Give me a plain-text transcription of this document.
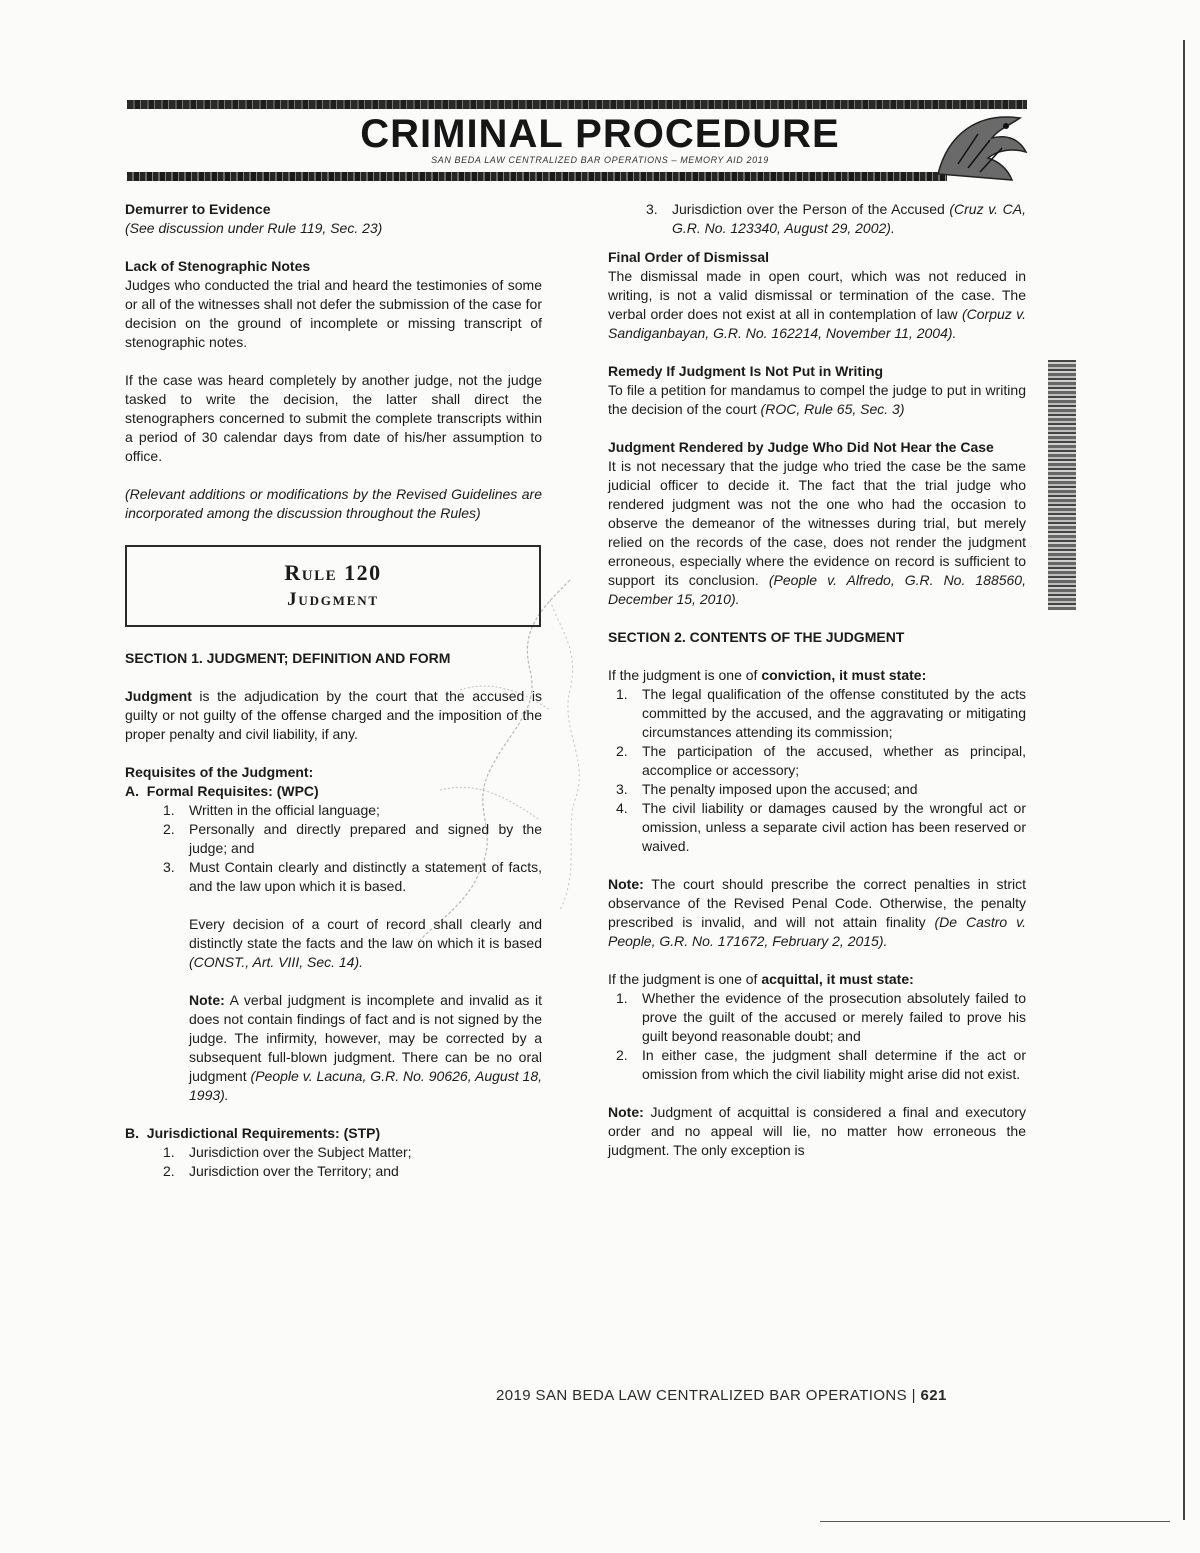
CRIMINAL PROCEDURE
SAN BEDA LAW CENTRALIZED BAR OPERATIONS – MEMORY AID 2019

Demurrer to Evidence

(See discussion under Rule 119, Sec. 23)

Lack of Stenographic Notes

Judges who conducted the trial and heard the testimonies of some or all of the witnesses shall not defer the submission of the case for decision on the ground of incomplete or missing transcript of stenographic notes.

If the case was heard completely by another judge, not the judge tasked to write the decision, the latter shall direct the stenographers concerned to submit the complete transcripts within a period of 30 calendar days from date of his/her assumption to office.

(Relevant additions or modifications by the Revised Guidelines are incorporated among the discussion throughout the Rules)

Rule 120
Judgment

SECTION 1. JUDGMENT; DEFINITION AND FORM

Judgment is the adjudication by the court that the accused is guilty or not guilty of the offense charged and the imposition of the proper penalty and civil liability, if any.

Requisites of the Judgment:

A.  Formal Requisites: (WPC)

1. Written in the official language;
2. Personally and directly prepared and signed by the judge; and
3. Must Contain clearly and distinctly a statement of facts, and the law upon which it is based.

Every decision of a court of record shall clearly and distinctly state the facts and the law on which it is based (CONST., Art. VIII, Sec. 14).

Note: A verbal judgment is incomplete and invalid as it does not contain findings of fact and is not signed by the judge. The infirmity, however, may be corrected by a subsequent full-blown judgment. There can be no oral judgment (People v. Lacuna, G.R. No. 90626, August 18, 1993).

B.  Jurisdictional Requirements: (STP)

1. Jurisdiction over the Subject Matter;
2. Jurisdiction over the Territory; and
3. Jurisdiction over the Person of the Accused (Cruz v. CA, G.R. No. 123340, August 29, 2002).

Final Order of Dismissal

The dismissal made in open court, which was not reduced in writing, is not a valid dismissal or termination of the case. The verbal order does not exist at all in contemplation of law (Corpuz v. Sandiganbayan, G.R. No. 162214, November 11, 2004).

Remedy If Judgment Is Not Put in Writing

To file a petition for mandamus to compel the judge to put in writing the decision of the court (ROC, Rule 65, Sec. 3)

Judgment Rendered by Judge Who Did Not Hear the Case

It is not necessary that the judge who tried the case be the same judicial officer to decide it. The fact that the trial judge who rendered judgment was not the one who had the occasion to observe the demeanor of the witnesses during trial, but merely relied on the records of the case, does not render the judgment erroneous, especially where the evidence on record is sufficient to support its conclusion. (People v. Alfredo, G.R. No. 188560, December 15, 2010).

SECTION 2. CONTENTS OF THE JUDGMENT

If the judgment is one of conviction, it must state:

1. The legal qualification of the offense constituted by the acts committed by the accused, and the aggravating or mitigating circumstances attending its commission;
2. The participation of the accused, whether as principal, accomplice or accessory;
3. The penalty imposed upon the accused; and
4. The civil liability or damages caused by the wrongful act or omission, unless a separate civil action has been reserved or waived.

Note: The court should prescribe the correct penalties in strict observance of the Revised Penal Code. Otherwise, the penalty prescribed is invalid, and will not attain finality (De Castro v. People, G.R. No. 171672, February 2, 2015).

If the judgment is one of acquittal, it must state:

1. Whether the evidence of the prosecution absolutely failed to prove the guilt of the accused or merely failed to prove his guilt beyond reasonable doubt; and
2. In either case, the judgment shall determine if the act or omission from which the civil liability might arise did not exist.

Note: Judgment of acquittal is considered a final and executory order and no appeal will lie, no matter how erroneous the judgment. The only exception is

2019 SAN BEDA LAW CENTRALIZED BAR OPERATIONS | 621
